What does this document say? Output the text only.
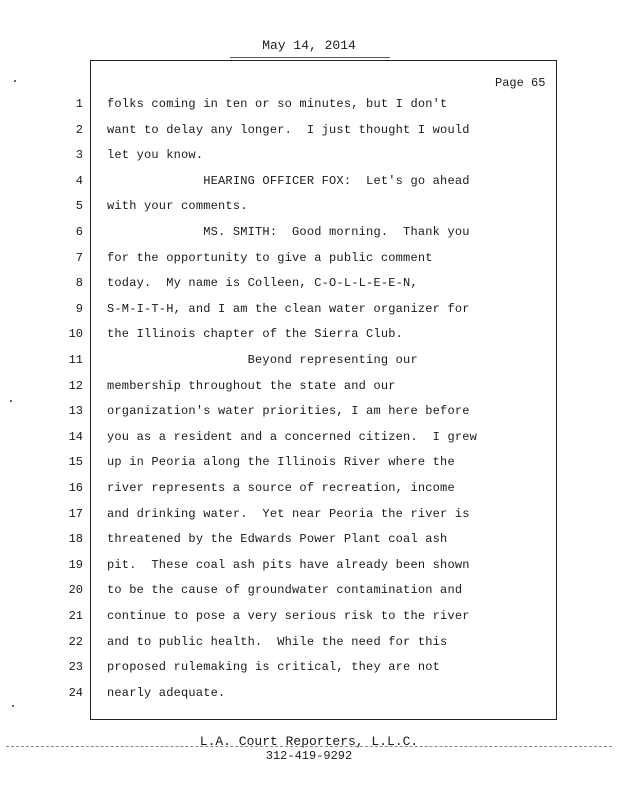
May 14, 2014
Page 65
1 folks coming in ten or so minutes, but I don't
2 want to delay any longer.  I just thought I would
3 let you know.
4 HEARING OFFICER FOX:  Let's go ahead
5 with your comments.
6 MS. SMITH:  Good morning.  Thank you
7 for the opportunity to give a public comment
8 today.  My name is Colleen, C-O-L-L-E-E-N,
9 S-M-I-T-H, and I am the clean water organizer for
10 the Illinois chapter of the Sierra Club.
11 Beyond representing our
12 membership throughout the state and our
13 organization's water priorities, I am here before
14 you as a resident and a concerned citizen.  I grew
15 up in Peoria along the Illinois River where the
16 river represents a source of recreation, income
17 and drinking water.  Yet near Peoria the river is
18 threatened by the Edwards Power Plant coal ash
19 pit.  These coal ash pits have already been shown
20 to be the cause of groundwater contamination and
21 continue to pose a very serious risk to the river
22 and to public health.  While the need for this
23 proposed rulemaking is critical, they are not
24 nearly adequate.
L.A. Court Reporters, L.L.C.
312-419-9292
